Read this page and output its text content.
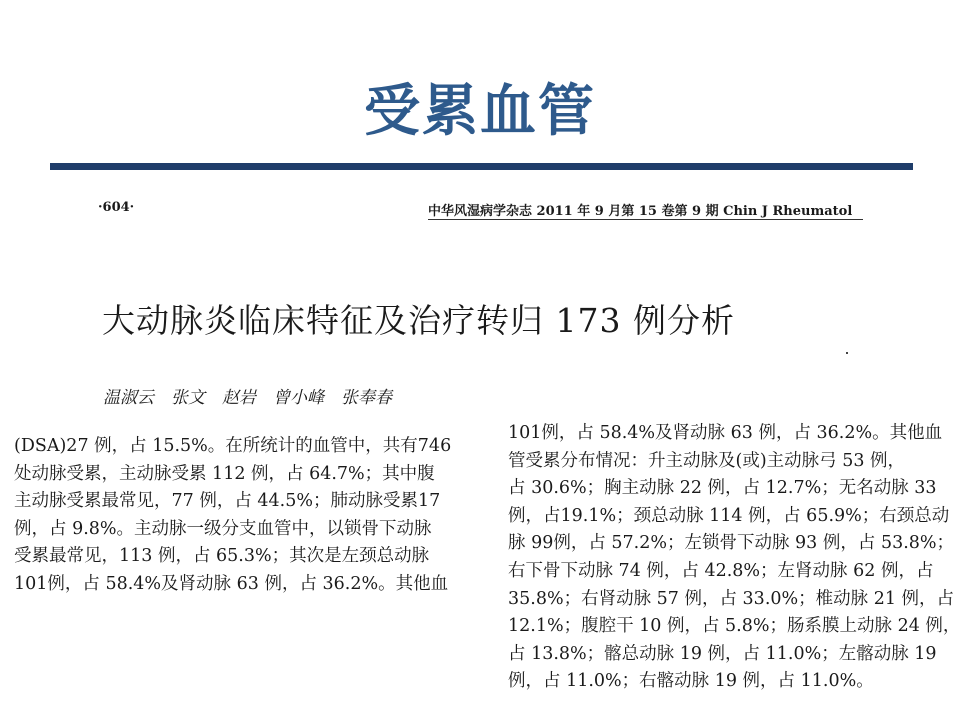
受累血管
·604·	中华风湿病学杂志 2011 年 9 月第 15 卷第 9 期 Chin J Rheumatol
大动脉炎临床特征及治疗转归 173 例分析
温淑云　张文　赵岩　曾小峰　张奉春
(DSA)27 例，占 15.5%。在所统计的血管中，共有746
处动脉受累，主动脉受累 112 例，占 64.7%；其中腹
主动脉受累最常见，77 例，占 44.5%；肺动脉受累17
例，占 9.8%。主动脉一级分支血管中，以锁骨下动脉
受累最常见，113 例，占 65.3%；其次是左颈总动脉
101例，占 58.4%及肾动脉 63 例，占 36.2%。其他血
101例，占 58.4%及肾动脉 63 例，占 36.2%。其他血
管受累分布情况：升主动脉及(或)主动脉弓 53 例，
占 30.6%；胸主动脉 22 例，占 12.7%；无名动脉 33
例，占19.1%；颈总动脉 114 例，占 65.9%；右颈总动
脉 99例，占 57.2%；左锁骨下动脉 93 例，占 53.8%；
右下骨下动脉 74 例，占 42.8%；左肾动脉 62 例，占
35.8%；右肾动脉 57 例，占 33.0%；椎动脉 21 例，占
12.1%；腹腔干 10 例，占 5.8%；肠系膜上动脉 24 例，
占 13.8%；髂总动脉 19 例，占 11.0%；左髂动脉 19
例，占 11.0%；右髂动脉 19 例，占 11.0%。
